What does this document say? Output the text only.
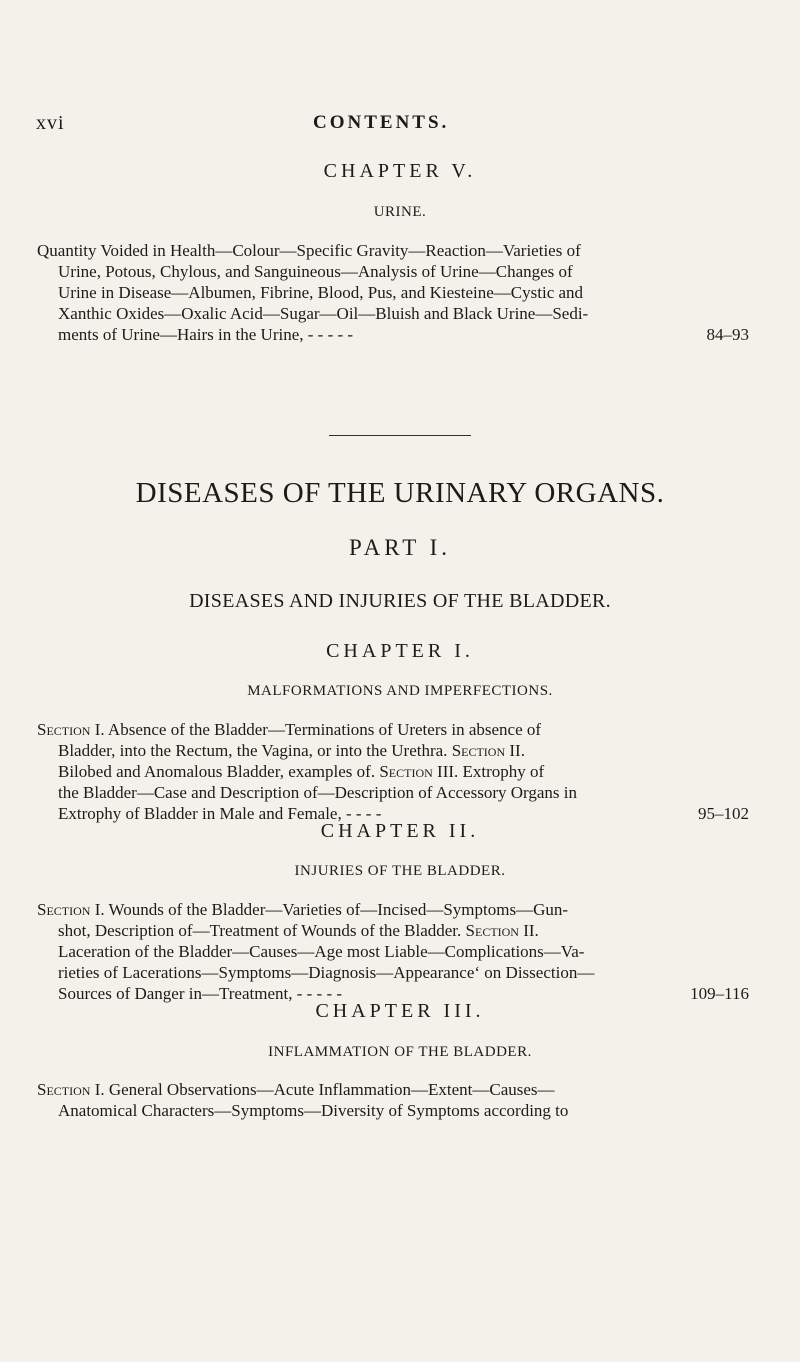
xvi	CONTENTS.
CHAPTER V.
URINE.
Quantity Voided in Health—Colour—Specific Gravity—Reaction—Varieties of
Urine, Potous, Chylous, and Sanguineous—Analysis of Urine—Changes of
Urine in Disease—Albumen, Fibrine, Blood, Pus, and Kiesteine—Cystic and
Xanthic Oxides—Oxalic Acid—Sugar—Oil—Bluish and Black Urine—Sedi-
ments of Urine—Hairs in the Urine, - - - - -	84–93
DISEASES OF THE URINARY ORGANS.
PART I.
DISEASES AND INJURIES OF THE BLADDER.
CHAPTER I.
MALFORMATIONS AND IMPERFECTIONS.
Section I. Absence of the Bladder—Terminations of Ureters in absence of
Bladder, into the Rectum, the Vagina, or into the Urethra. Section II.
Bilobed and Anomalous Bladder, examples of. Section III. Extrophy of
the Bladder—Case and Description of—Description of Accessory Organs in
Extrophy of Bladder in Male and Female, - - - -	95–102
CHAPTER II.
INJURIES OF THE BLADDER.
Section I. Wounds of the Bladder—Varieties of—Incised—Symptoms—Gun-
shot, Description of—Treatment of Wounds of the Bladder. Section II.
Laceration of the Bladder—Causes—Age most Liable—Complications—Va-
rieties of Lacerations—Symptoms—Diagnosis—Appearance‘ on Dissection—
Sources of Danger in—Treatment, - - - - -	109–116
CHAPTER III.
INFLAMMATION OF THE BLADDER.
Section I. General Observations—Acute Inflammation—Extent—Causes—
Anatomical Characters—Symptoms—Diversity of Symptoms according to
